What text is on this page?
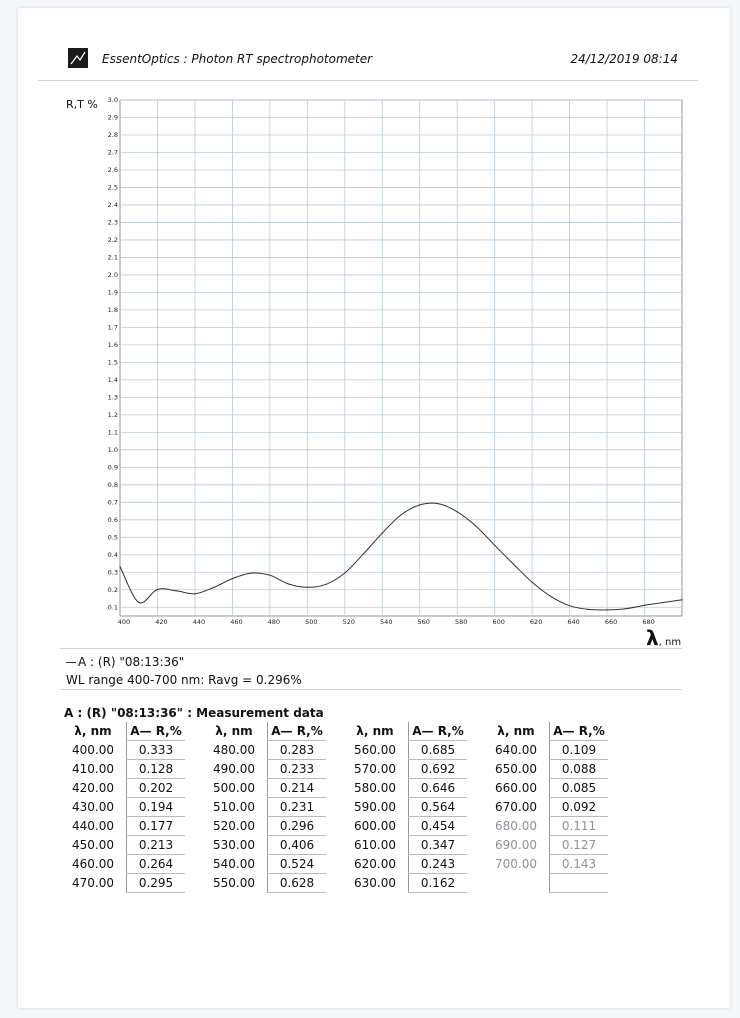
EssentOptics : Photon RT spectrophotometer	24/12/2019 08:14
R,T %
400	420	440	460	480	500	520	540	560	580	600	620	640	660	680
0.1
0.2
0.3
0.4
0.5
0.6
0.7
0.8
0.9
1.0
1.1
1.2
1.3
1.4
1.5
1.6
1.7
1.8
1.9
2.0
2.1
2.2
2.3
2.4
2.5
2.6
2.7
2.8
2.9
3.0
λ, nm
A : (R) "08:13:36"
WL range 400-700 nm: Ravg = 0.296%
A : (R) "08:13:36" : Measurement data
λ, nm	A— R,%		λ, nm	A— R,%		λ, nm	A— R,%		λ, nm	A— R,%
400.00	0.333		480.00	0.283		560.00	0.685		640.00	0.109
410.00	0.128		490.00	0.233		570.00	0.692		650.00	0.088
420.00	0.202		500.00	0.214		580.00	0.646		660.00	0.085
430.00	0.194		510.00	0.231		590.00	0.564		670.00	0.092
440.00	0.177		520.00	0.296		600.00	0.454		680.00	0.111
450.00	0.213		530.00	0.406		610.00	0.347		690.00	0.127
460.00	0.264		540.00	0.524		620.00	0.243		700.00	0.143
470.00	0.295		550.00	0.628		630.00	0.162			
